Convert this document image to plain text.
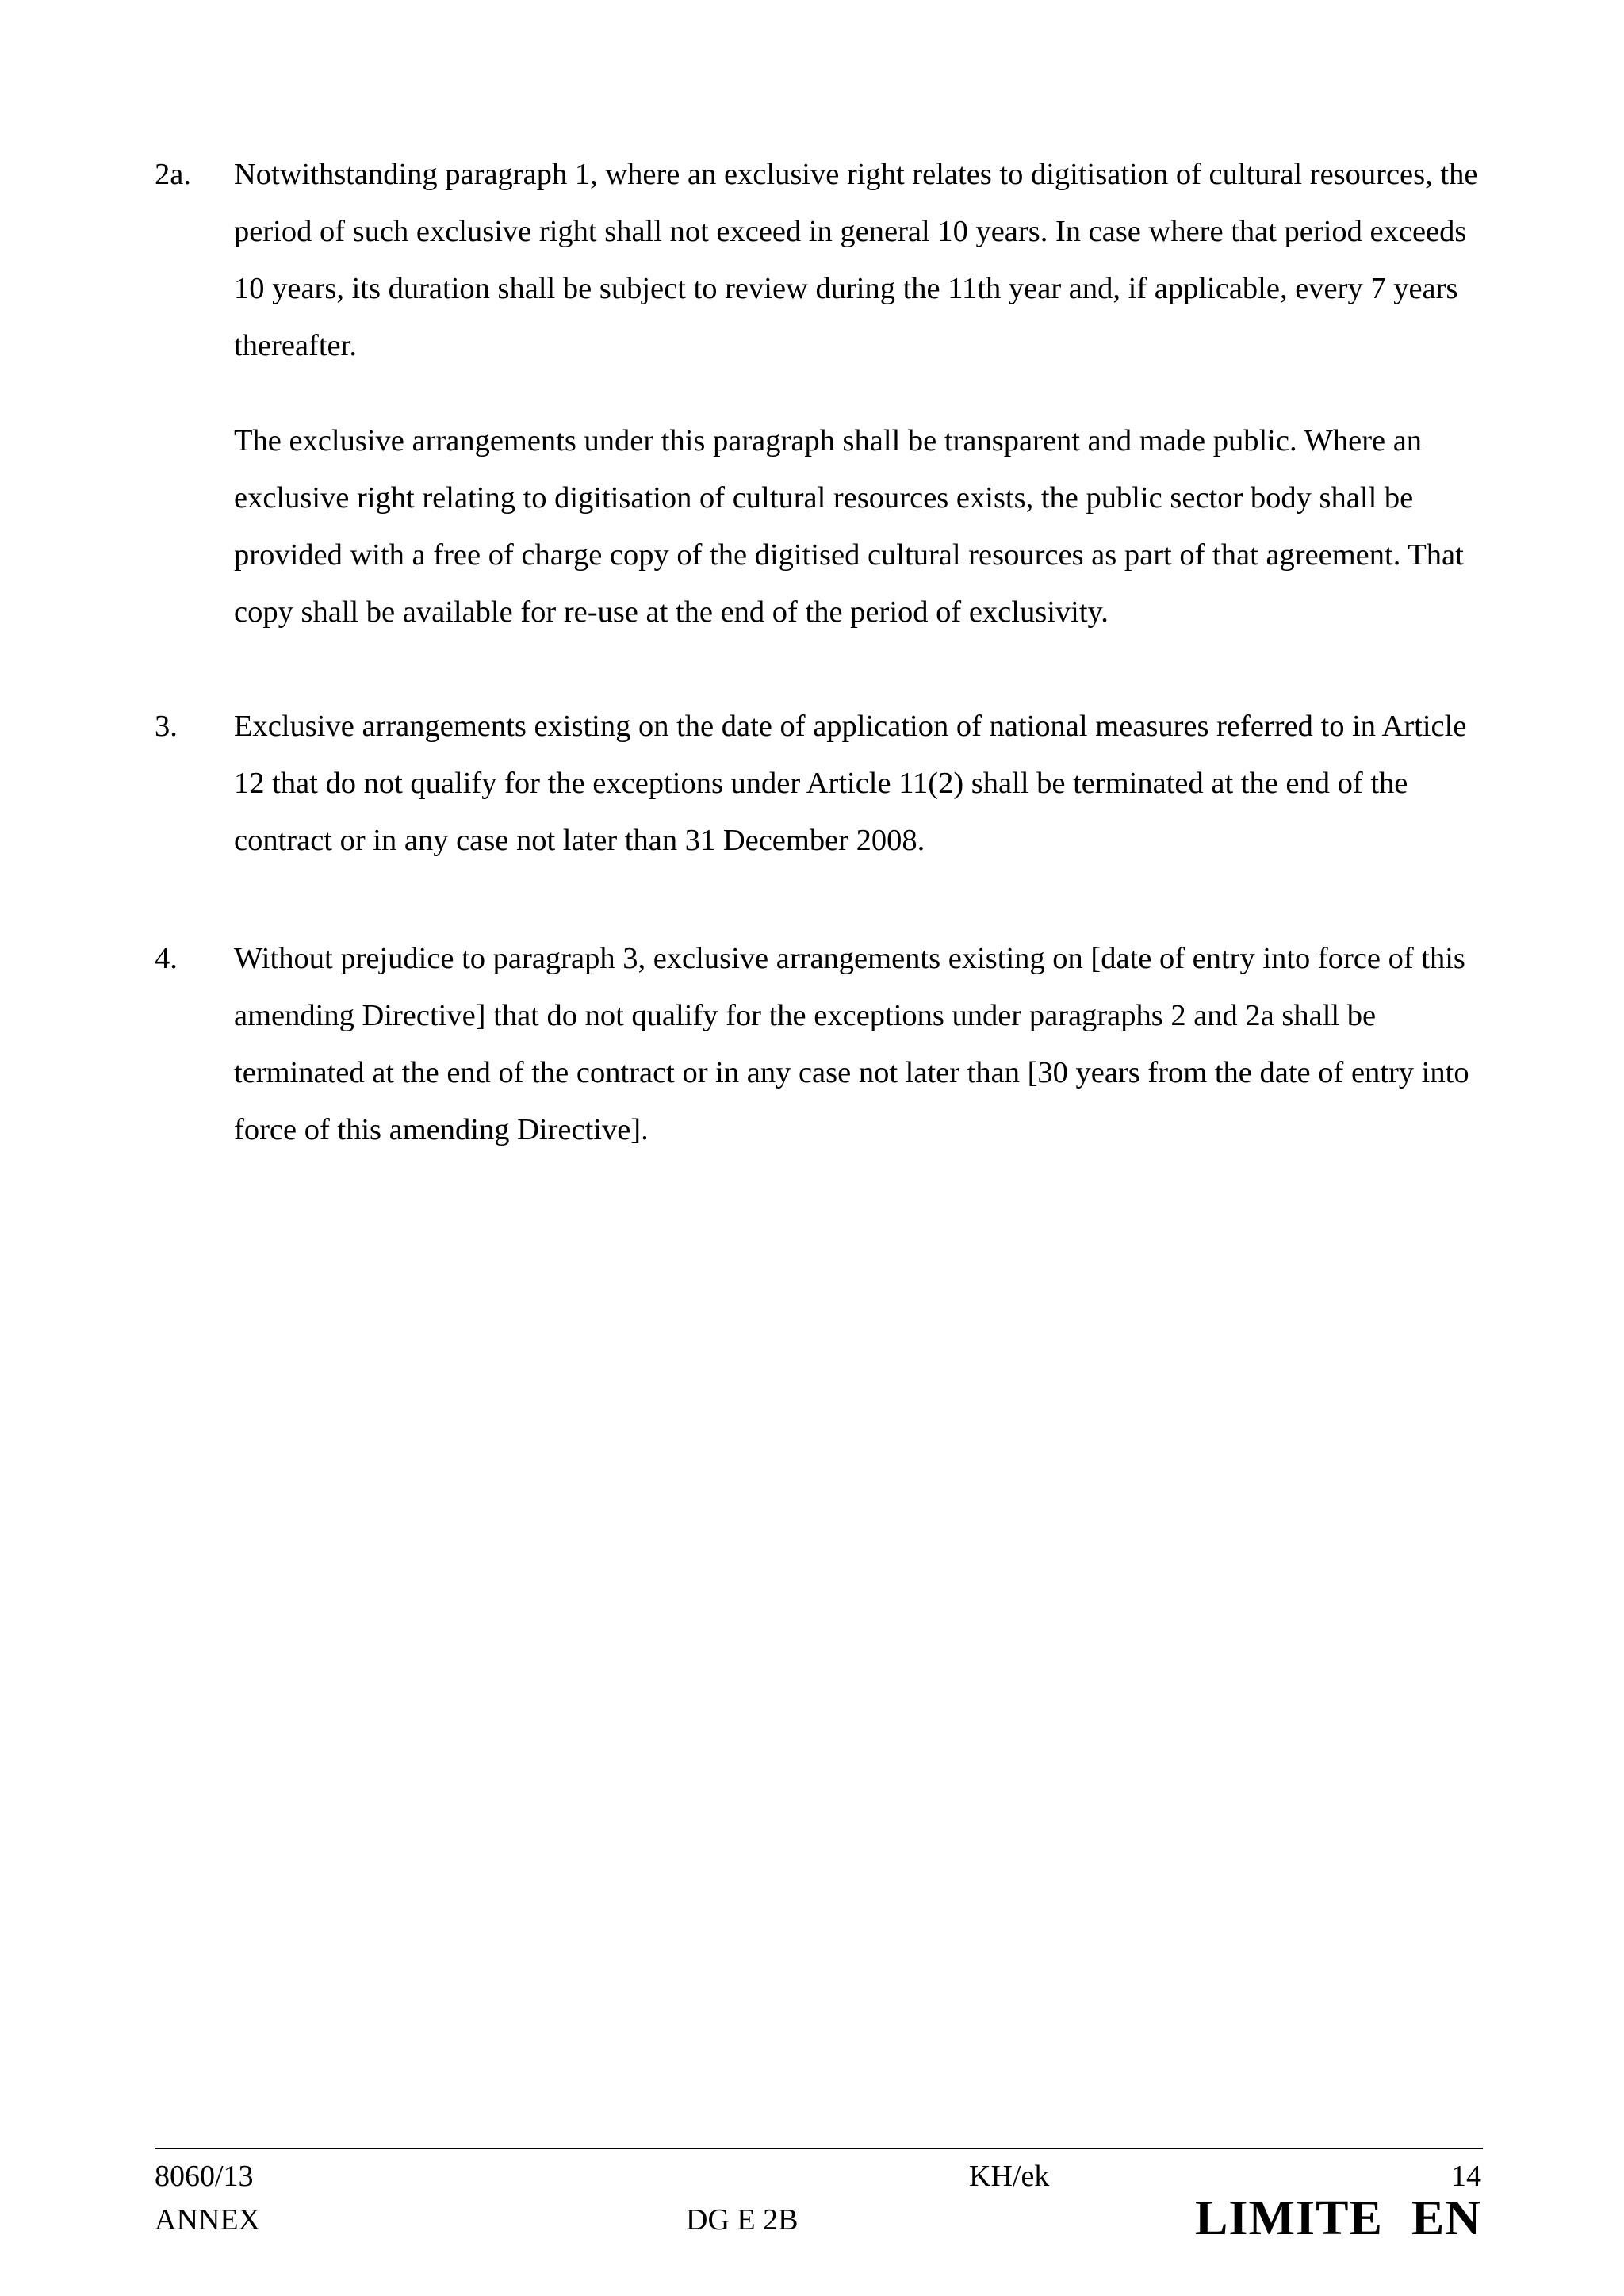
2a. Notwithstanding paragraph 1, where an exclusive right relates to digitisation of cultural resources, the period of such exclusive right shall not exceed in general 10 years. In case where that period exceeds 10 years, its duration shall be subject to review during the 11th year and, if applicable, every 7 years thereafter.
The exclusive arrangements under this paragraph shall be transparent and made public. Where an exclusive right relating to digitisation of cultural resources exists, the public sector body shall be provided with a free of charge copy of the digitised cultural resources as part of that agreement. That copy shall be available for re-use at the end of the period of exclusivity.
3. Exclusive arrangements existing on the date of application of national measures referred to in Article 12 that do not qualify for the exceptions under Article 11(2) shall be terminated at the end of the contract or in any case not later than 31 December 2008.
4. Without prejudice to paragraph 3, exclusive arrangements existing on [date of entry into force of this amending Directive] that do not qualify for the exceptions under paragraphs 2 and 2a shall be terminated at the end of the contract or in any case not later than [30 years from the date of entry into force of this amending Directive].
8060/13
ANNEX
KH/ek
DG E 2B
14
LIMITE EN
